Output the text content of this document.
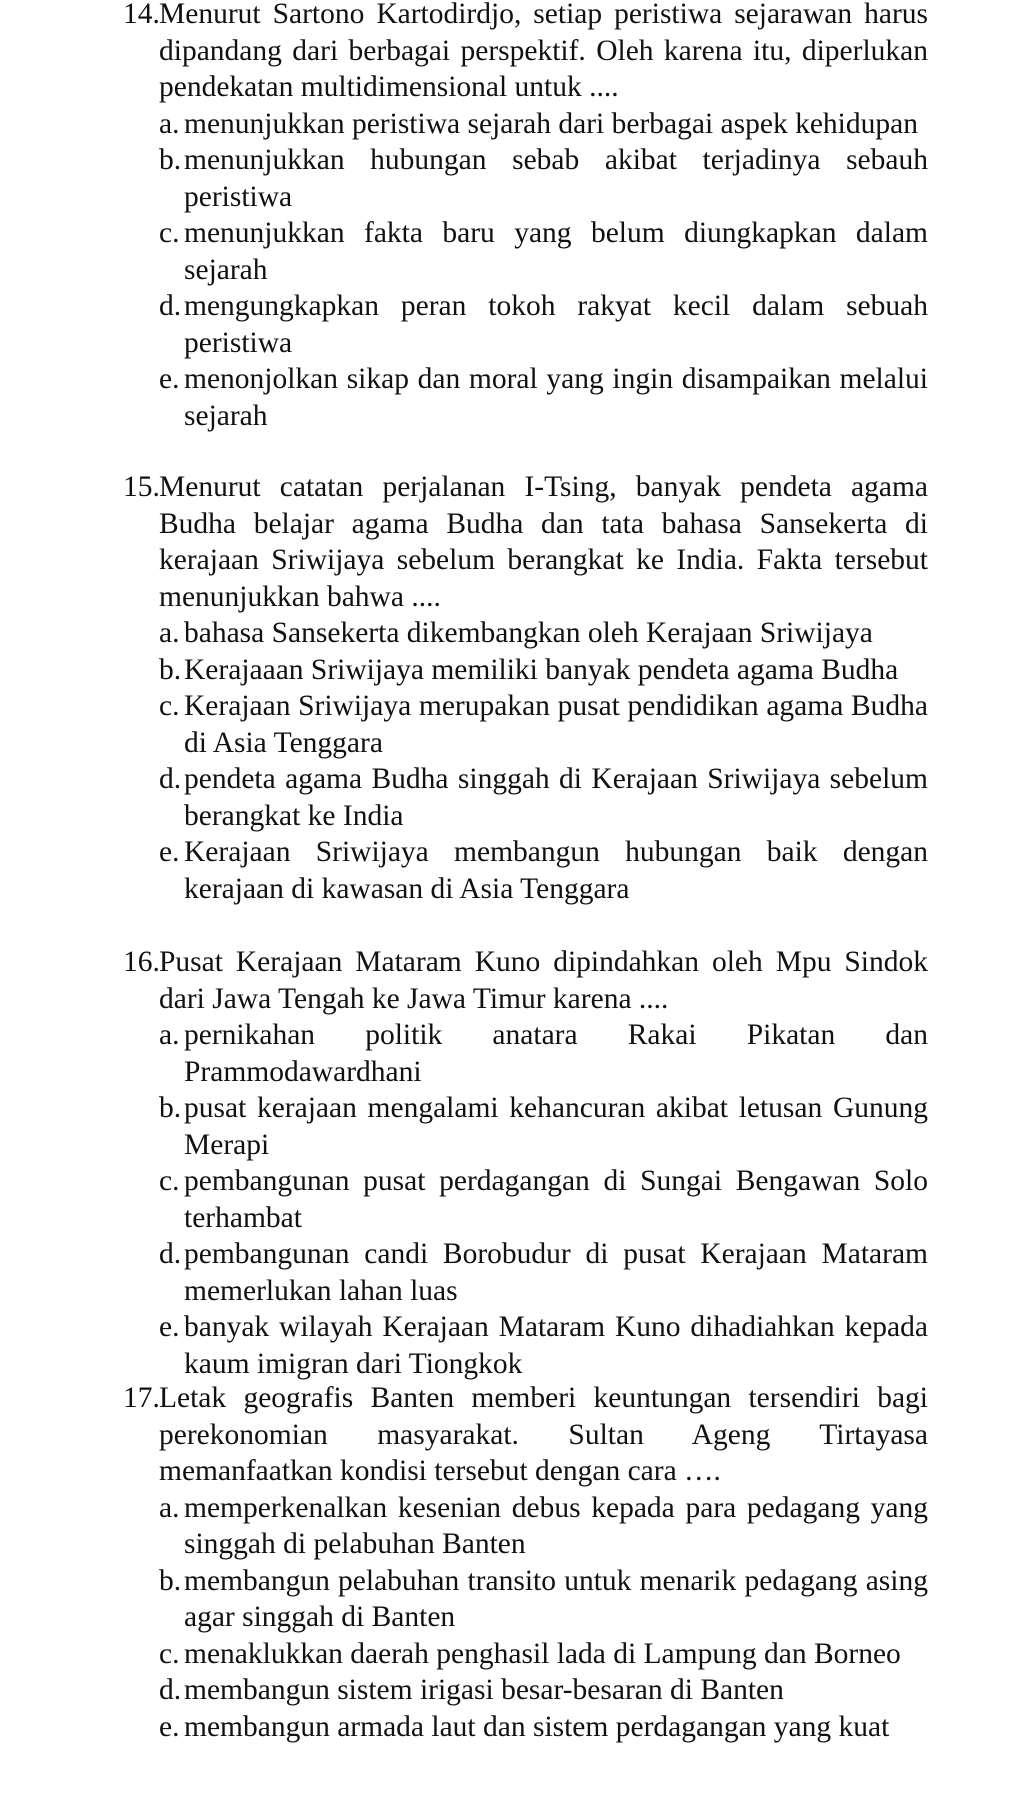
14. Menurut Sartono Kartodirdjo, setiap peristiwa sejarawan harus dipandang dari berbagai perspektif. Oleh karena itu, diperlukan pendekatan multidimensional untuk ....
a. menunjukkan peristiwa sejarah dari berbagai aspek kehidupan
b. menunjukkan hubungan sebab akibat terjadinya sebauh peristiwa
c. menunjukkan fakta baru yang belum diungkapkan dalam sejarah
d. mengungkapkan peran tokoh rakyat kecil dalam sebuah peristiwa
e. menonjolkan sikap dan moral yang ingin disampaikan melalui sejarah
15. Menurut catatan perjalanan I-Tsing, banyak pendeta agama Budha belajar agama Budha dan tata bahasa Sansekerta di kerajaan Sriwijaya sebelum berangkat ke India. Fakta tersebut menunjukkan bahwa ....
a. bahasa Sansekerta dikembangkan oleh Kerajaan Sriwijaya
b. Kerajaaan Sriwijaya memiliki banyak pendeta agama Budha
c. Kerajaan Sriwijaya merupakan pusat pendidikan agama Budha di Asia Tenggara
d. pendeta agama Budha singgah di Kerajaan Sriwijaya sebelum berangkat ke India
e. Kerajaan Sriwijaya membangun hubungan baik dengan kerajaan di kawasan di Asia Tenggara
16. Pusat Kerajaan Mataram Kuno dipindahkan oleh Mpu Sindok dari Jawa Tengah ke Jawa Timur karena ....
a. pernikahan politik anatara Rakai Pikatan dan Prammodawardhani
b. pusat kerajaan mengalami kehancuran akibat letusan Gunung Merapi
c. pembangunan pusat perdagangan di Sungai Bengawan Solo terhambat
d. pembangunan candi Borobudur di pusat Kerajaan Mataram memerlukan lahan luas
e. banyak wilayah Kerajaan Mataram Kuno dihadiahkan kepada kaum imigran dari Tiongkok
17. Letak geografis Banten memberi keuntungan tersendiri bagi perekonomian masyarakat. Sultan Ageng Tirtayasa memanfaatkan kondisi tersebut dengan cara ….
a. memperkenalkan kesenian debus kepada para pedagang yang singgah di pelabuhan Banten
b. membangun pelabuhan transito untuk menarik pedagang asing agar singgah di Banten
c. menaklukkan daerah penghasil lada di Lampung dan Borneo
d. membangun sistem irigasi besar-besaran di Banten
e. membangun armada laut dan sistem perdagangan yang kuat
